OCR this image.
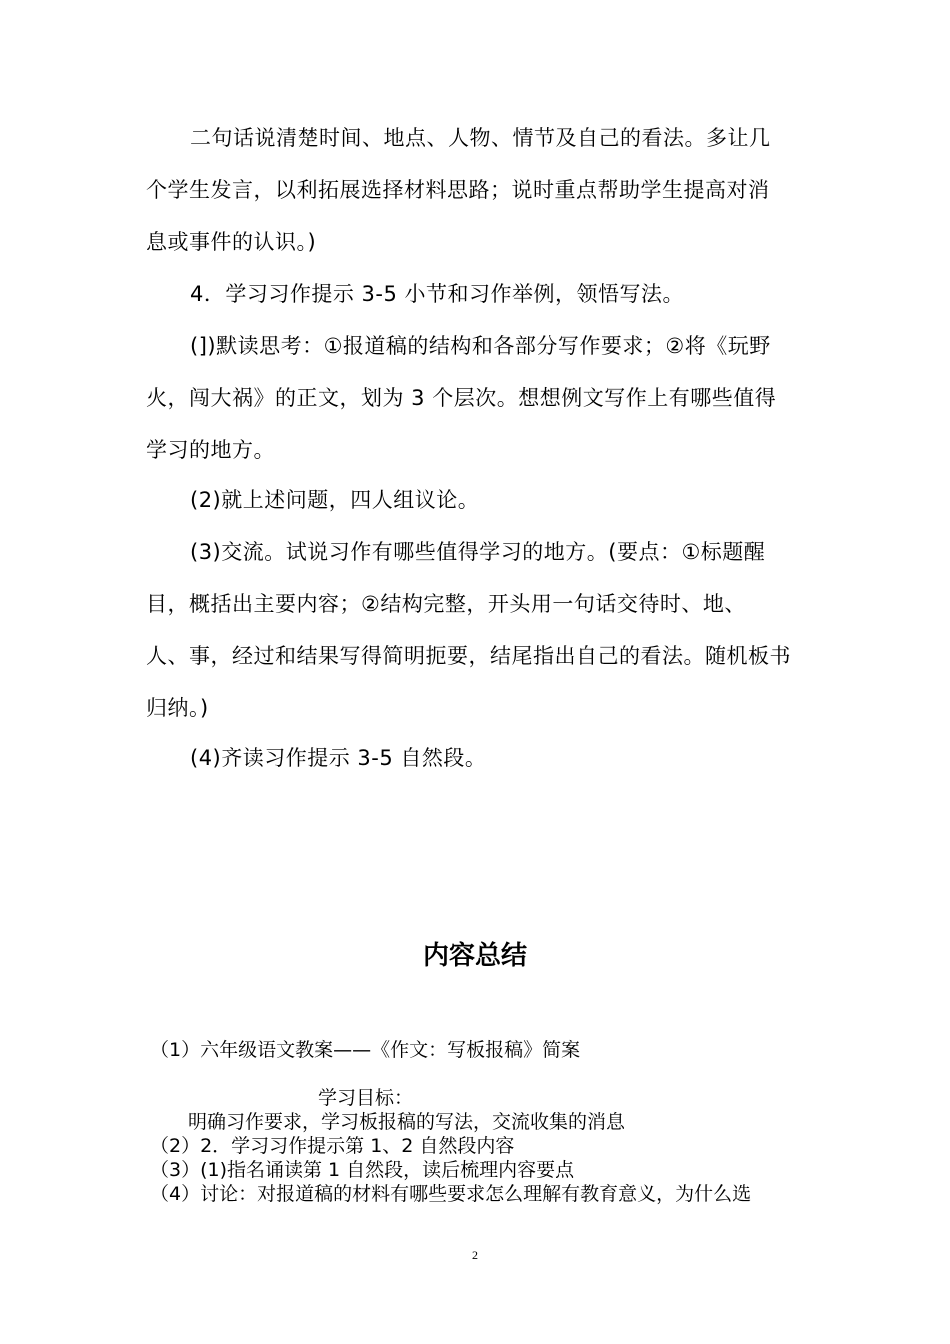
二句话说清楚时间、地点、人物、情节及自己的看法。多让几
个学生发言，以利拓展选择材料思路；说时重点帮助学生提高对消
息或事件的认识。)
4．学习习作提示 3-5 小节和习作举例，领悟写法。
(])默读思考：①报道稿的结构和各部分写作要求；②将《玩野
火，闯大祸》的正文，划为 3 个层次。想想例文写作上有哪些值得
学习的地方。
(2)就上述问题，四人组议论。
(3)交流。试说习作有哪些值得学习的地方。(要点：①标题醒
目，概括出主要内容；②结构完整，开头用一句话交待时、地、
人、事，经过和结果写得简明扼要，结尾指出自己的看法。随机板书
归纳。)
(4)齐读习作提示 3-5 自然段。
内容总结

（1）六年级语文教案——《作文：写板报稿》简案

学习目标：

明确习作要求，学习板报稿的写法，交流收集的消息

（2）2．学习习作提示第 1、2 自然段内容

（3）(1)指名诵读第 1 自然段，读后梳理内容要点

（4）讨论：对报道稿的材料有哪些要求怎么理解有教育意义，为什么选

2
